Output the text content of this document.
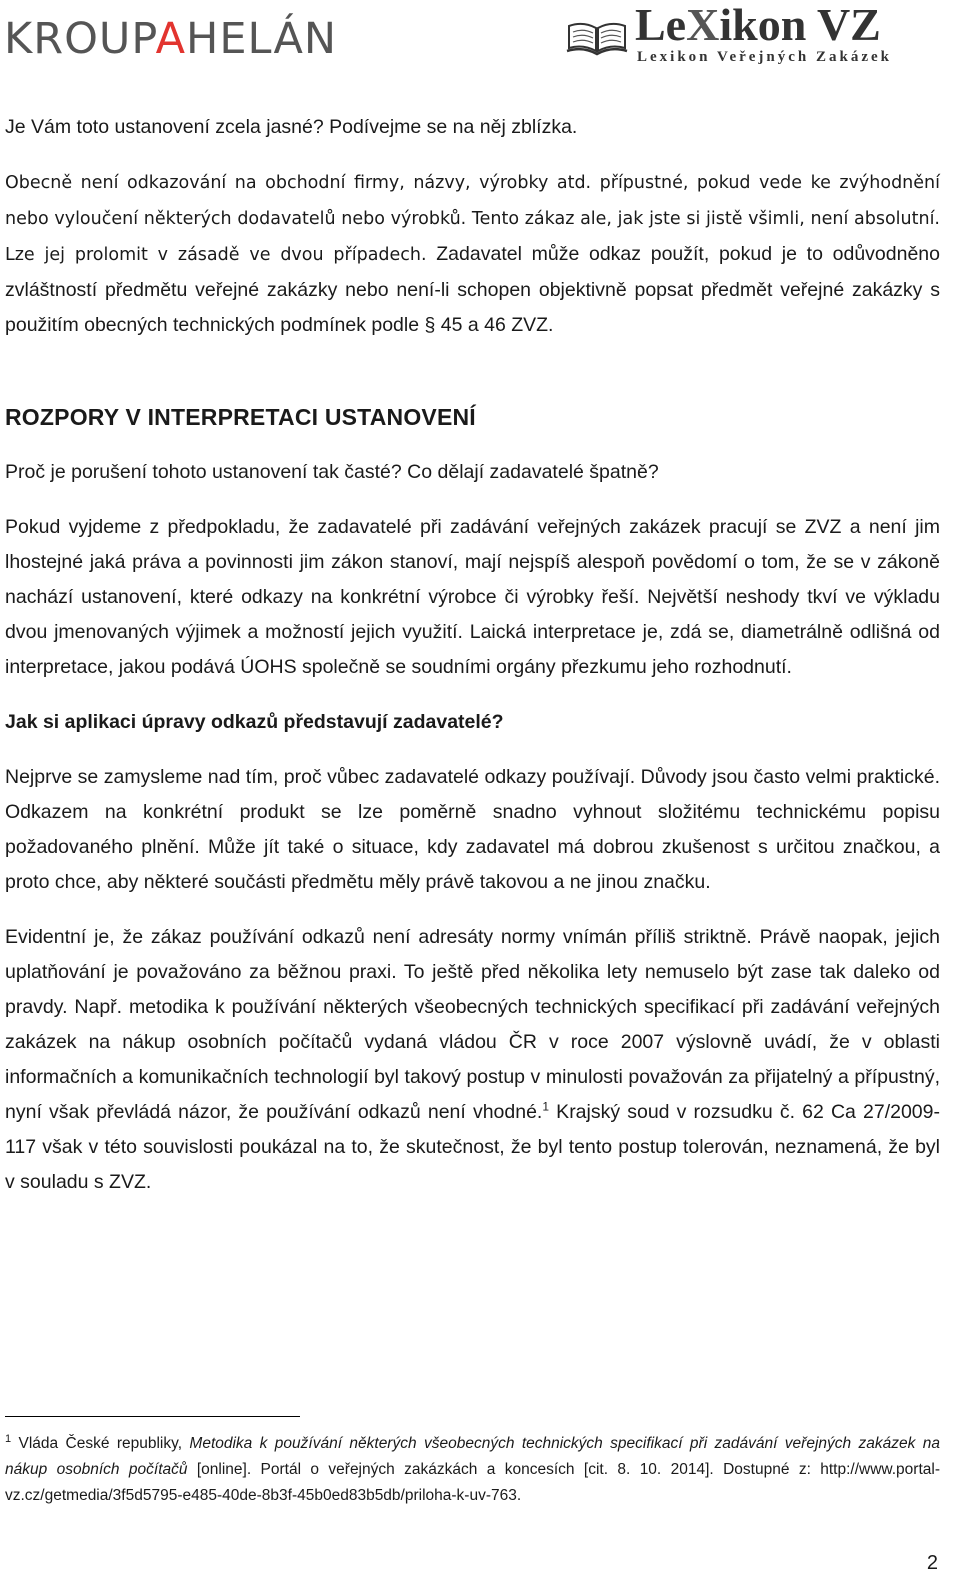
KROUPAHELÁN	LeXikon VZ
Lexikon Veřejných Zakázek

Je Vám toto ustanovení zcela jasné? Podívejme se na něj zblízka.

Obecně není odkazování na obchodní firmy, názvy, výrobky atd. přípustné, pokud vede ke zvýhodnění nebo vyloučení některých dodavatelů nebo výrobků. Tento zákaz ale, jak jste si jistě všimli, není absolutní. Lze jej prolomit v zásadě ve dvou případech. Zadavatel může odkaz použít, pokud je to odůvodněno zvláštností předmětu veřejné zakázky nebo není-li schopen objektivně popsat předmět veřejné zakázky s použitím obecných technických podmínek podle § 45 a 46 ZVZ.

ROZPORY V INTERPRETACI USTANOVENÍ

Proč je porušení tohoto ustanovení tak časté? Co dělají zadavatelé špatně?

Pokud vyjdeme z předpokladu, že zadavatelé při zadávání veřejných zakázek pracují se ZVZ a není jim lhostejné jaká práva a povinnosti jim zákon stanoví, mají nejspíš alespoň povědomí o tom, že se v zákoně nachází ustanovení, které odkazy na konkrétní výrobce či výrobky řeší. Největší neshody tkví ve výkladu dvou jmenovaných výjimek a možností jejich využití. Laická interpretace je, zdá se, diametrálně odlišná od interpretace, jakou podává ÚOHS společně se soudními orgány přezkumu jeho rozhodnutí.

Jak si aplikaci úpravy odkazů představují zadavatelé?

Nejprve se zamysleme nad tím, proč vůbec zadavatelé odkazy používají. Důvody jsou často velmi praktické. Odkazem na konkrétní produkt se lze poměrně snadno vyhnout složitému technickému popisu požadovaného plnění. Může jít také o situace, kdy zadavatel má dobrou zkušenost s určitou značkou, a proto chce, aby některé součásti předmětu měly právě takovou a ne jinou značku.

Evidentní je, že zákaz používání odkazů není adresáty normy vnímán příliš striktně. Právě naopak, jejich uplatňování je považováno za běžnou praxi. To ještě před několika lety nemuselo být zase tak daleko od pravdy. Např. metodika k používání některých všeobecných technických specifikací při zadávání veřejných zakázek na nákup osobních počítačů vydaná vládou ČR v roce 2007 výslovně uvádí, že v oblasti informačních a komunikačních technologií byl takový postup v minulosti považován za přijatelný a přípustný, nyní však převládá názor, že používání odkazů není vhodné.$^1$ Krajský soud v rozsudku č. 62 Ca 27/2009-117 však v této souvislosti poukázal na to, že skutečnost, že byl tento postup tolerován, neznamená, že byl v souladu s ZVZ.

$^1$ Vláda České republiky, Metodika k používání některých všeobecných technických specifikací při zadávání veřejných zakázek na nákup osobních počítačů [online]. Portál o veřejných zakázkách a koncesích [cit. 8. 10. 2014]. Dostupné z: http://www.portal-vz.cz/getmedia/3f5d5795-e485-40de-8b3f-45b0ed83b5db/priloha-k-uv-763.
2
